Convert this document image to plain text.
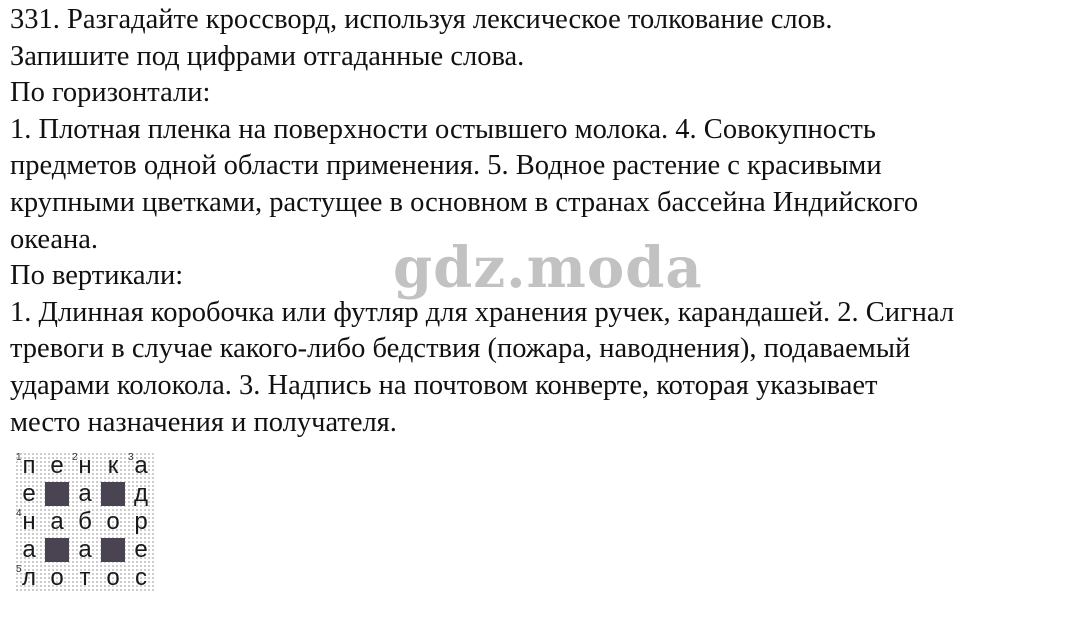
331. Разгадайте кроссворд, используя лексическое толкование слов.
Запишите под цифрами отгаданные слова.
По горизонтали:
1. Плотная пленка на поверхности остывшего молока. 4. Совокупность
предметов одной области применения. 5. Водное растение с красивыми
крупными цветками, растущее в основном в странах бассейна Индийского
океана.
По вертикали:
1. Длинная коробочка или футляр для хранения ручек, карандашей. 2. Сигнал
тревоги в случае какого-либо бедствия (пожара, наводнения), подаваемый
ударами колокола. 3. Надпись на почтовом конверте, которая указывает
место назначения и получателя.
gdz.moda
1 п е 2 н к 3 а
е а д
4 н а б о р
а а е
5 л о т о с
